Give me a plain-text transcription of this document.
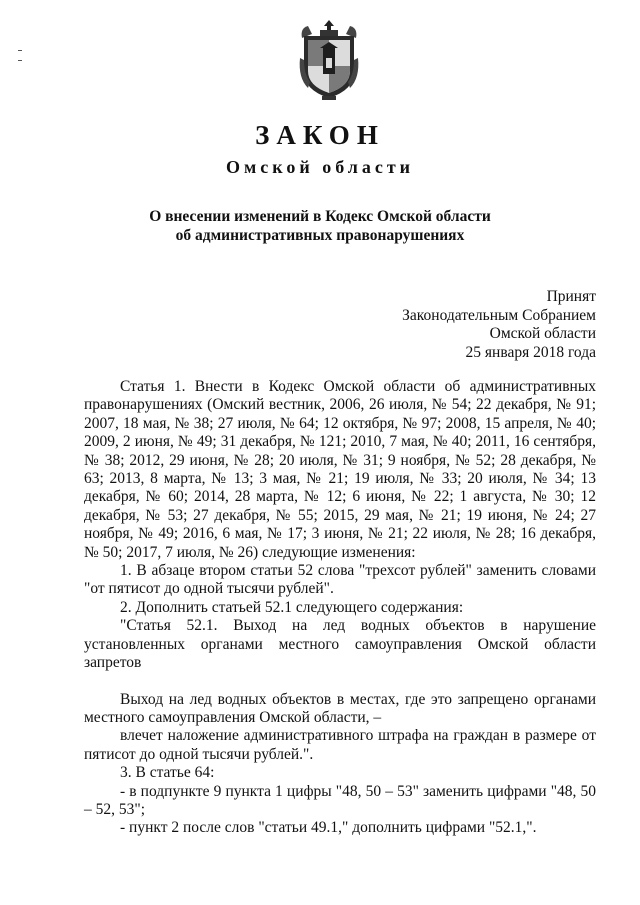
ЗАКОН
Омской области
О внесении изменений в Кодекс Омской области
об административных правонарушениях
Принят
Законодательным Собранием
Омской области
25 января 2018 года

Статья 1. Внести в Кодекс Омской области об административных правонарушениях (Омский вестник, 2006, 26 июля, № 54; 22 декабря, № 91; 2007, 18 мая, № 38; 27 июля, № 64; 12 октября, № 97; 2008, 15 апреля, № 40; 2009, 2 июня, № 49; 31 декабря, № 121; 2010, 7 мая, № 40; 2011, 16 сентября, № 38; 2012, 29 июня, № 28; 20 июля, № 31; 9 ноября, № 52; 28 декабря, № 63; 2013, 8 марта, № 13; 3 мая, № 21; 19 июля, № 33; 20 июля, № 34; 13 декабря, № 60; 2014, 28 марта, № 12; 6 июня, № 22; 1 августа, № 30; 12 декабря, № 53; 27 декабря, № 55; 2015, 29 мая, № 21; 19 июня, № 24; 27 ноября, № 49; 2016, 6 мая, № 17; 3 июня, № 21; 22 июля, № 28; 16 декабря, № 50; 2017, 7 июля, № 26) следующие изменения:

1. В абзаце втором статьи 52 слова "трехсот рублей" заменить словами "от пятисот до одной тысячи рублей".

2. Дополнить статьей 52.1 следующего содержания:

"Статья 52.1. Выход на лед водных объектов в нарушение установленных органами местного самоуправления Омской области запретов

Выход на лед водных объектов в местах, где это запрещено органами местного самоуправления Омской области, –

влечет наложение административного штрафа на граждан в размере от пятисот до одной тысячи рублей.".

3. В статье 64:

- в подпункте 9 пункта 1 цифры "48, 50 – 53" заменить цифрами "48, 50 – 52, 53";

- пункт 2 после слов "статьи 49.1," дополнить цифрами "52.1,".
